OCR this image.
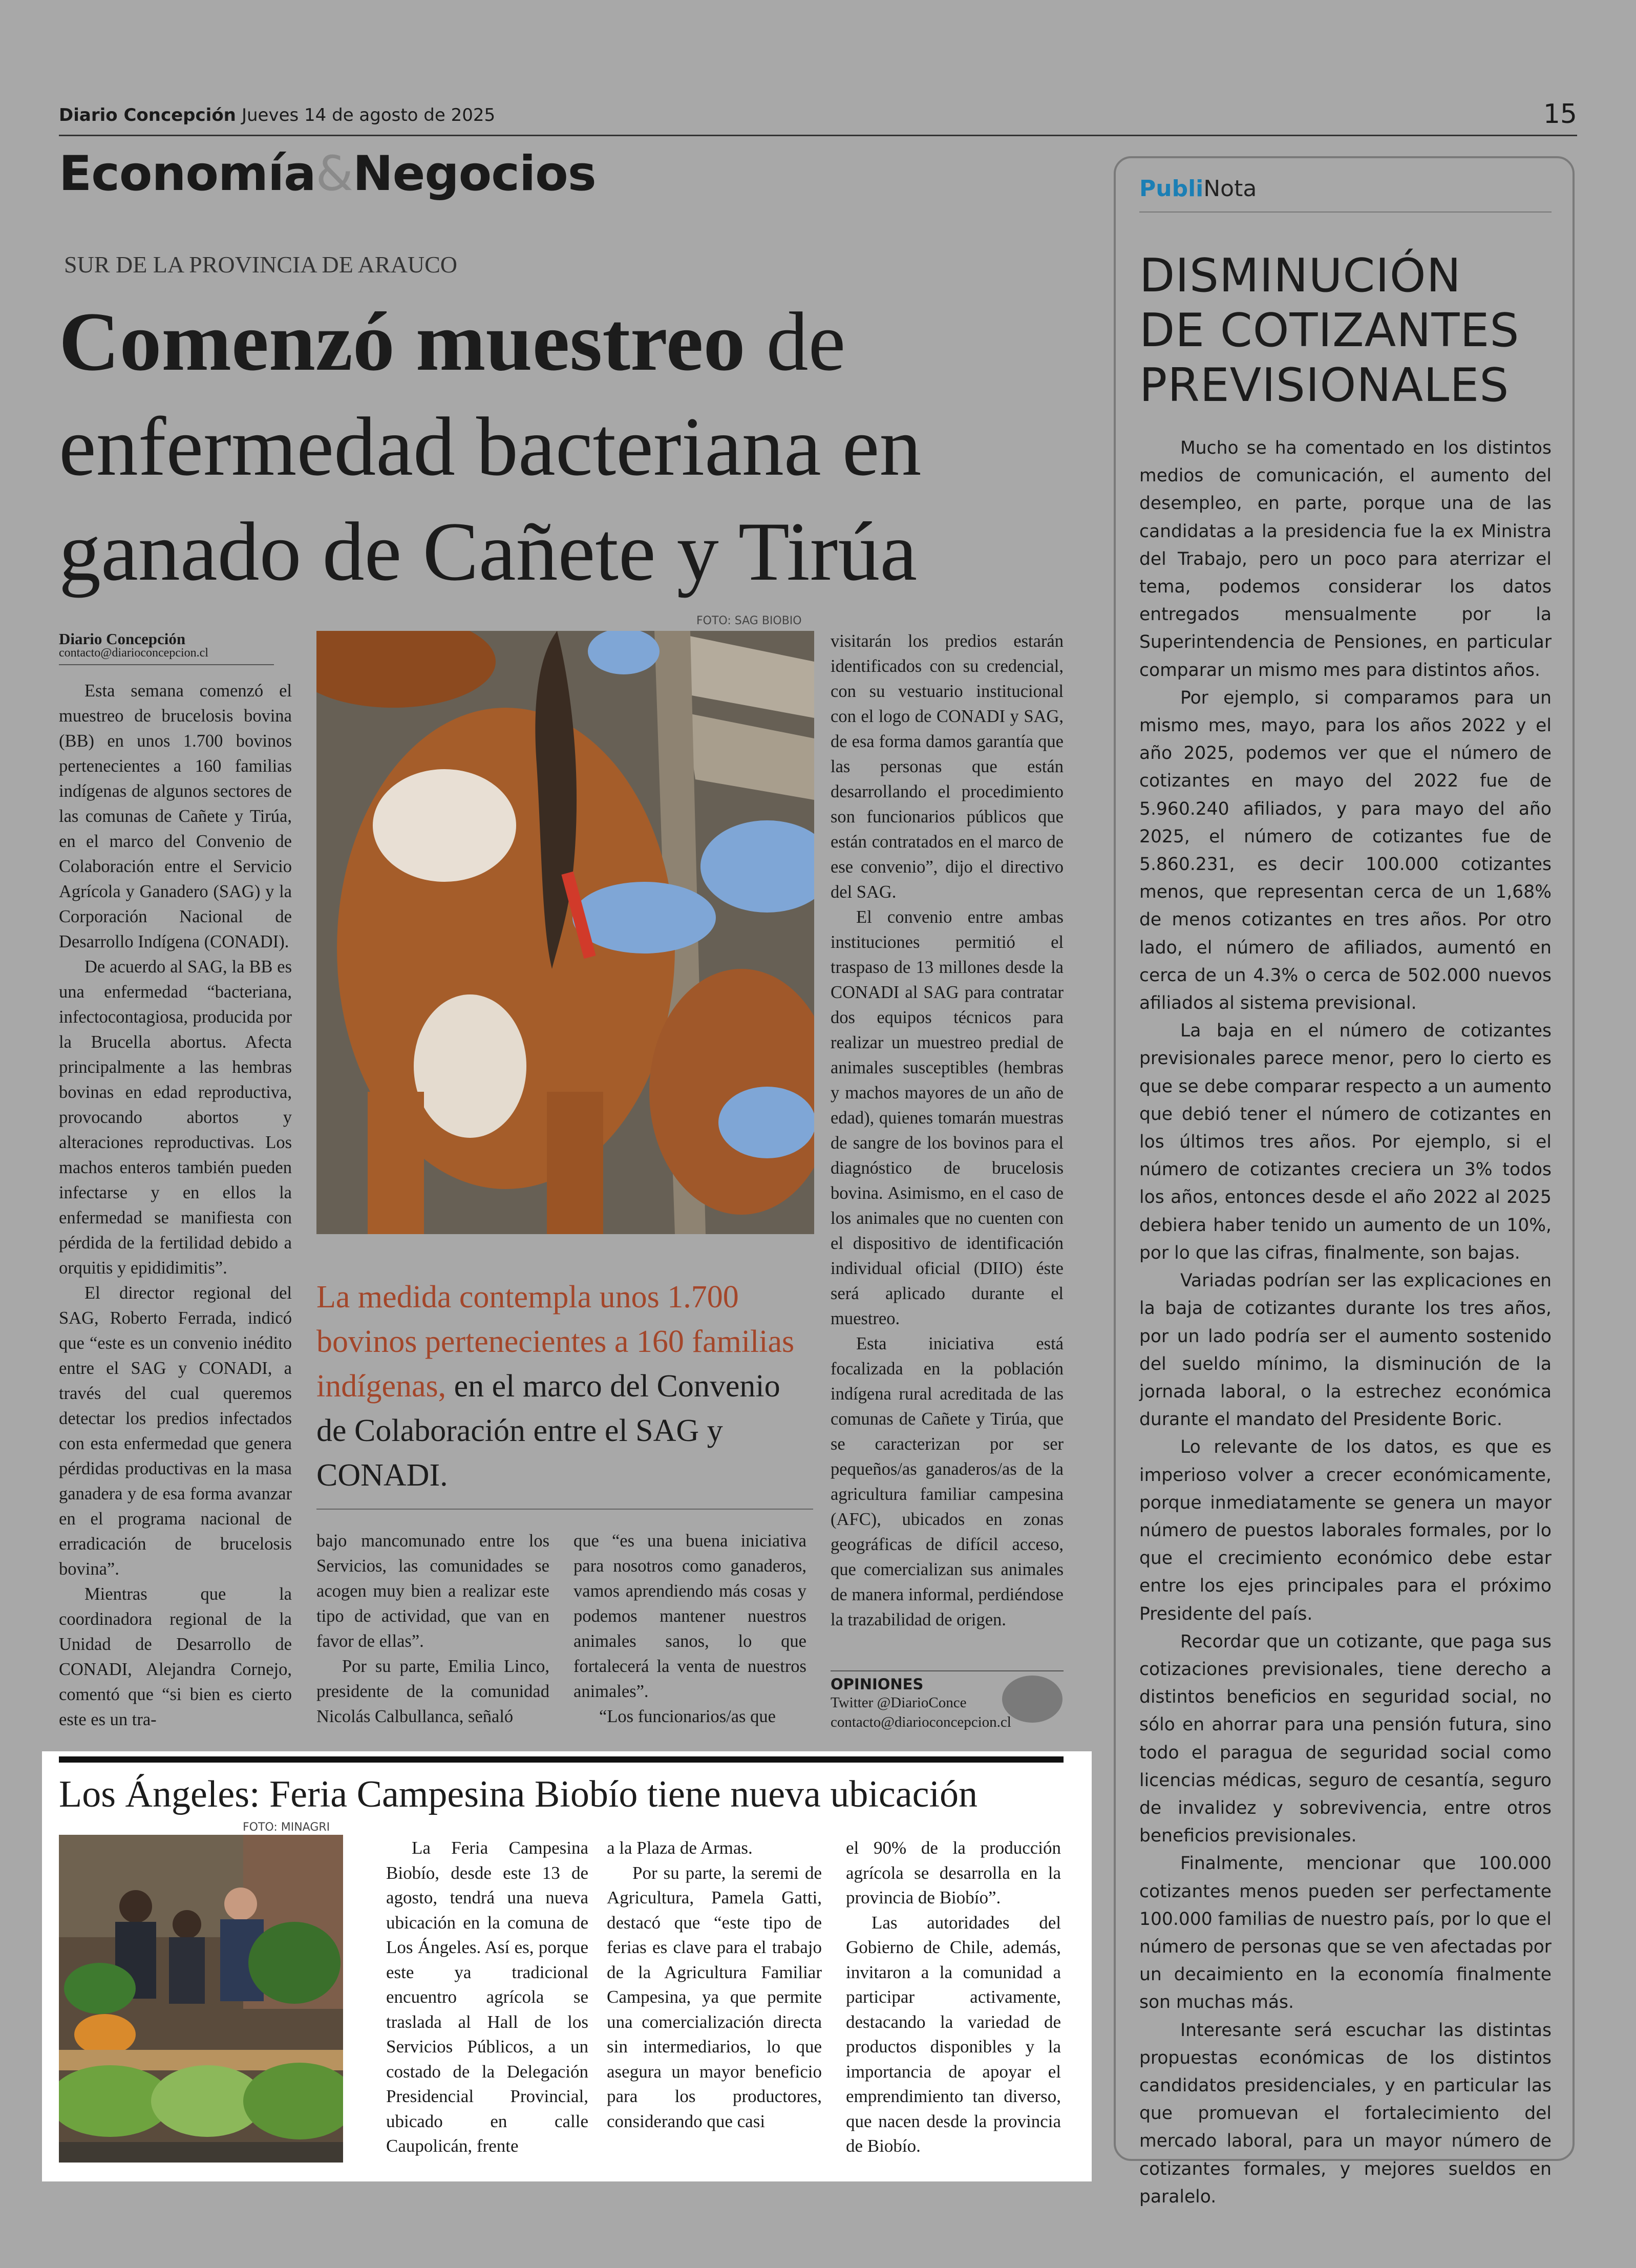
Diario Concepción Jueves 14 de agosto de 2025	15
Economía&Negocios
SUR DE LA PROVINCIA DE ARAUCO
Comenzó muestreo de
enfermedad bacteriana en
ganado de Cañete y Tirúa
Diario Concepción
contacto@diarioconcepcion.cl

Esta semana comenzó el muestreo de brucelosis bovina (BB) en unos 1.700 bovinos pertenecientes a 160 familias indígenas de algunos sectores de las comunas de Cañete y Tirúa, en el marco del Convenio de Colaboración entre el Servicio Agrícola y Ganadero (SAG) y la Corporación Nacional de Desarrollo Indígena (CONADI).

De acuerdo al SAG, la BB es una enfermedad “bacteriana, infectocontagiosa, producida por la Brucella abortus. Afecta principalmente a las hembras bovinas en edad reproductiva, provocando abortos y alteraciones reproductivas. Los machos enteros también pueden infectarse y en ellos la enfermedad se manifiesta con pérdida de la fertilidad debido a orquitis y epididimitis”.

El director regional del SAG, Roberto Ferrada, indicó que “este es un convenio inédito entre el SAG y CONADI, a través del cual queremos detectar los predios infectados con esta enfermedad que genera pérdidas productivas en la masa ganadera y de esa forma avanzar en el programa nacional de erradicación de brucelosis bovina”.

Mientras que la coordinadora regional de la Unidad de Desarrollo de CONADI, Alejandra Cornejo, comentó que “si bien es cierto este es un tra-

FOTO: SAG BIOBIO
La medida contempla unos 1.700 bovinos pertenecientes a 160 familias indígenas, en el marco del Convenio de Colaboración entre el SAG y CONADI.

bajo mancomunado entre los Servicios, las comunidades se acogen muy bien a realizar este tipo de actividad, que van en favor de ellas”.

Por su parte, Emilia Linco, presidente de la comunidad Nicolás Calbullanca, señaló

que “es una buena iniciativa para nosotros como ganaderos, vamos aprendiendo más cosas y podemos mantener nuestros animales sanos, lo que fortalecerá la venta de nuestros animales”.

“Los funcionarios/as que

visitarán los predios estarán identificados con su credencial, con su vestuario institucional con el logo de CONADI y SAG, de esa forma damos garantía que las personas que están desarrollando el procedimiento son funcionarios públicos que están contratados en el marco de ese convenio”, dijo el directivo del SAG.

El convenio entre ambas instituciones permitió el traspaso de 13 millones desde la CONADI al SAG para contratar dos equipos técnicos para realizar un muestreo predial de animales susceptibles (hembras y machos mayores de un año de edad), quienes tomarán muestras de sangre de los bovinos para el diagnóstico de brucelosis bovina. Asimismo, en el caso de los animales que no cuenten con el dispositivo de identificación individual oficial (DIIO) éste será aplicado durante el muestreo.

Esta iniciativa está focalizada en la población indígena rural acreditada de las comunas de Cañete y Tirúa, que se caracterizan por ser pequeños/as ganaderos/as de la agricultura familiar campesina (AFC), ubicados en zonas geográficas de difícil acceso, que comercializan sus animales de manera informal, perdiéndose la trazabilidad de origen.

OPINIONES
Twitter @DiarioConce
contacto@diarioconcepcion.cl
Los Ángeles: Feria Campesina Biobío tiene nueva ubicación
FOTO: MINAGRI

La Feria Campesina Biobío, desde este 13 de agosto, tendrá una nueva ubicación en la comuna de Los Ángeles. Así es, porque este ya tradicional encuentro agrícola se traslada al Hall de los Servicios Públicos, a un costado de la Delegación Presidencial Provincial, ubicado en calle Caupolicán, frente

a la Plaza de Armas.

Por su parte, la seremi de Agricultura, Pamela Gatti, destacó que “este tipo de ferias es clave para el trabajo de la Agricultura Familiar Campesina, ya que permite una comercialización directa sin intermediarios, lo que asegura un mayor beneficio para los productores, considerando que casi

el 90% de la producción agrícola se desarrolla en la provincia de Biobío”.

Las autoridades del Gobierno de Chile, además, invitaron a la comunidad a participar activamente, destacando la variedad de productos disponibles y la importancia de apoyar el emprendimiento tan diverso, que nacen desde la provincia de Biobío.

PubliNota
DISMINUCIÓN
DE COTIZANTES
PREVISIONALES

Mucho se ha comentado en los distintos medios de comunicación, el aumento del desempleo, en parte, porque una de las candidatas a la presidencia fue la ex Ministra del Trabajo, pero un poco para aterrizar el tema, podemos considerar los datos entregados mensualmente por la Superintendencia de Pensiones, en particular comparar un mismo mes para distintos años.

Por ejemplo, si comparamos para un mismo mes, mayo, para los años 2022 y el año 2025, podemos ver que el número de cotizantes en mayo del 2022 fue de 5.960.240 afiliados, y para mayo del año 2025, el número de cotizantes fue de 5.860.231, es decir 100.000 cotizantes menos, que representan cerca de un 1,68% de menos cotizantes en tres años. Por otro lado, el número de afiliados, aumentó en cerca de un 4.3% o cerca de 502.000 nuevos afiliados al sistema previsional.

La baja en el número de cotizantes previsionales parece menor, pero lo cierto es que se debe comparar respecto a un aumento que debió tener el número de cotizantes en los últimos tres años. Por ejemplo, si el número de cotizantes creciera un 3% todos los años, entonces desde el año 2022 al 2025 debiera haber tenido un aumento de un 10%, por lo que las cifras, finalmente, son bajas.

Variadas podrían ser las explicaciones en la baja de cotizantes durante los tres años, por un lado podría ser el aumento sostenido del sueldo mínimo, la disminución de la jornada laboral, o la estrechez económica durante el mandato del Presidente Boric.

Lo relevante de los datos, es que es imperioso volver a crecer económicamente, porque inmediatamente se genera un mayor número de puestos laborales formales, por lo que el crecimiento económico debe estar entre los ejes principales para el próximo Presidente del país.

Recordar que un cotizante, que paga sus cotizaciones previsionales, tiene derecho a distintos beneficios en seguridad social, no sólo en ahorrar para una pensión futura, sino todo el paragua de seguridad social como licencias médicas, seguro de cesantía, seguro de invalidez y sobrevivencia, entre otros beneficios previsionales.

Finalmente, mencionar que 100.000 cotizantes menos pueden ser perfectamente 100.000 familias de nuestro país, por lo que el número de personas que se ven afectadas por un decaimiento en la economía finalmente son muchas más.

Interesante será escuchar las distintas propuestas económicas de los distintos candidatos presidenciales, y en particular las que promuevan el fortalecimiento del mercado laboral, para un mayor número de cotizantes formales, y mejores sueldos en paralelo.
